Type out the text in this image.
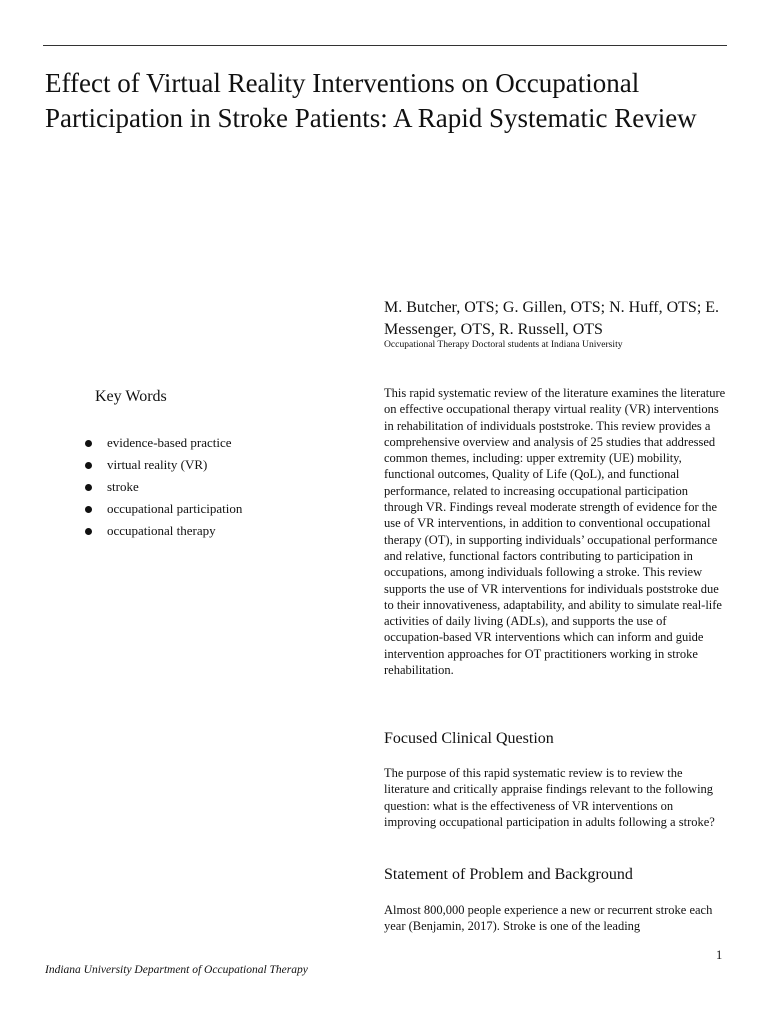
Effect of Virtual Reality Interventions on Occupational Participation in Stroke Patients: A Rapid Systematic Review

M. Butcher, OTS; G. Gillen, OTS; N. Huff, OTS; E. Messenger, OTS, R. Russell, OTS

Occupational Therapy Doctoral students at Indiana University

Key Words
evidence-based practice
virtual reality (VR)
stroke
occupational participation
occupational therapy

This rapid systematic review of the literature examines the literature on effective occupational therapy virtual reality (VR) interventions in rehabilitation of individuals poststroke. This review provides a comprehensive overview and analysis of 25 studies that addressed common themes, including: upper extremity (UE) mobility, functional outcomes, Quality of Life (QoL), and functional performance, related to increasing occupational participation through VR. Findings reveal moderate strength of evidence for the use of VR interventions, in addition to conventional occupational therapy (OT), in supporting individuals’ occupational performance and relative, functional factors contributing to participation in occupations, among individuals following a stroke. This review supports the use of VR interventions for individuals poststroke due to their innovativeness, adaptability, and ability to simulate real-life activities of daily living (ADLs), and supports the use of occupation-based VR interventions which can inform and guide intervention approaches for OT practitioners working in stroke rehabilitation.

Focused Clinical Question

The purpose of this rapid systematic review is to review the literature and critically appraise findings relevant to the following question: what is the effectiveness of VR interventions on improving occupational participation in adults following a stroke?

Statement of Problem and Background

Almost 800,000 people experience a new or recurrent stroke each year (Benjamin, 2017). Stroke is one of the leading

1
Indiana University Department of Occupational Therapy
